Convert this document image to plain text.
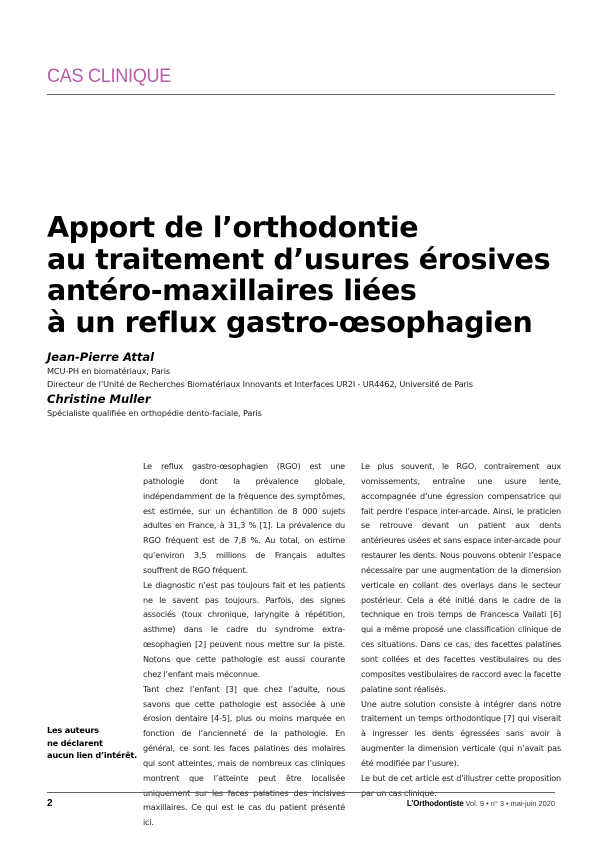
CAS CLINIQUE
Apport de l’orthodontie
au traitement d’usures érosives
antéro-maxillaires liées
à un reflux gastro-œsophagien
Jean-Pierre Attal
MCU-PH en biomatériaux, Paris
Directeur de l’Unité de Recherches Biomatériaux Innovants et Interfaces UR2I - UR4462, Université de Paris
Christine Muller
Spécialiste qualifiée en orthopédie dento-faciale, Paris

Le reflux gastro-œsophagien (RGO) est une pathologie dont la prévalence globale, indépendamment de la fréquence des symptômes, est estimée, sur un échantillon de 8 000 sujets adultes en France, à 31,3 % [1]. La prévalence du RGO fréquent est de 7,8 %. Au total, on estime qu’environ 3,5 millions de Français adultes souffrent de RGO fréquent.

Le diagnostic n’est pas toujours fait et les patients ne le savent pas toujours. Parfois, des signes associés (toux chronique, laryngite à répétition, asthme) dans le cadre du syndrome extra-œsophagien [2] peuvent nous mettre sur la piste. Notons que cette pathologie est aussi courante chez l’enfant mais méconnue.

Tant chez l’enfant [3] que chez l’adulte, nous savons que cette pathologie est associée à une érosion dentaire [4-5], plus ou moins marquée en fonction de l’ancienneté de la pathologie. En général, ce sont les faces palatines des molaires qui sont atteintes, mais de nombreux cas cliniques montrent que l’atteinte peut être localisée maxillaires. Ce qui est le cas du patient présenté ici.

Le plus souvent, le RGO, contrairement aux vomissements, entraîne une usure lente, accompagnée d’une égression compensatrice qui fait perdre l’espace inter-arcade. Ainsi, le praticien se retrouve devant un patient aux dents antérieures usées et sans espace inter-arcade pour restaurer les dents. Nous pouvons obtenir l’espace nécessaire par une augmentation de la dimension verticale en collant des overlays dans le secteur postérieur. Cela a été initié dans le cadre de la technique en trois temps de Francesca Vailati [6] qui a même proposé une classification clinique de ces situations. Dans ce cas, des facettes palatines sont collées et des facettes vestibulaires ou des composites vestibulaires de raccord avec la facette palatine sont réalisés.

Une autre solution consiste à intégrer dans notre traitement un temps orthodontique [7] qui viserait à ingresser les dents égressées sans avoir à augmenter la dimension verticale (qui n’avait pas été modifiée par l’usure).

Le but de cet article est d’illustrer cette proposition

Les auteurs
ne déclarent
aucun lien d’intérêt.
2	L’Orthodontiste Vol. 9 • n° 3 • mai-juin 2020
